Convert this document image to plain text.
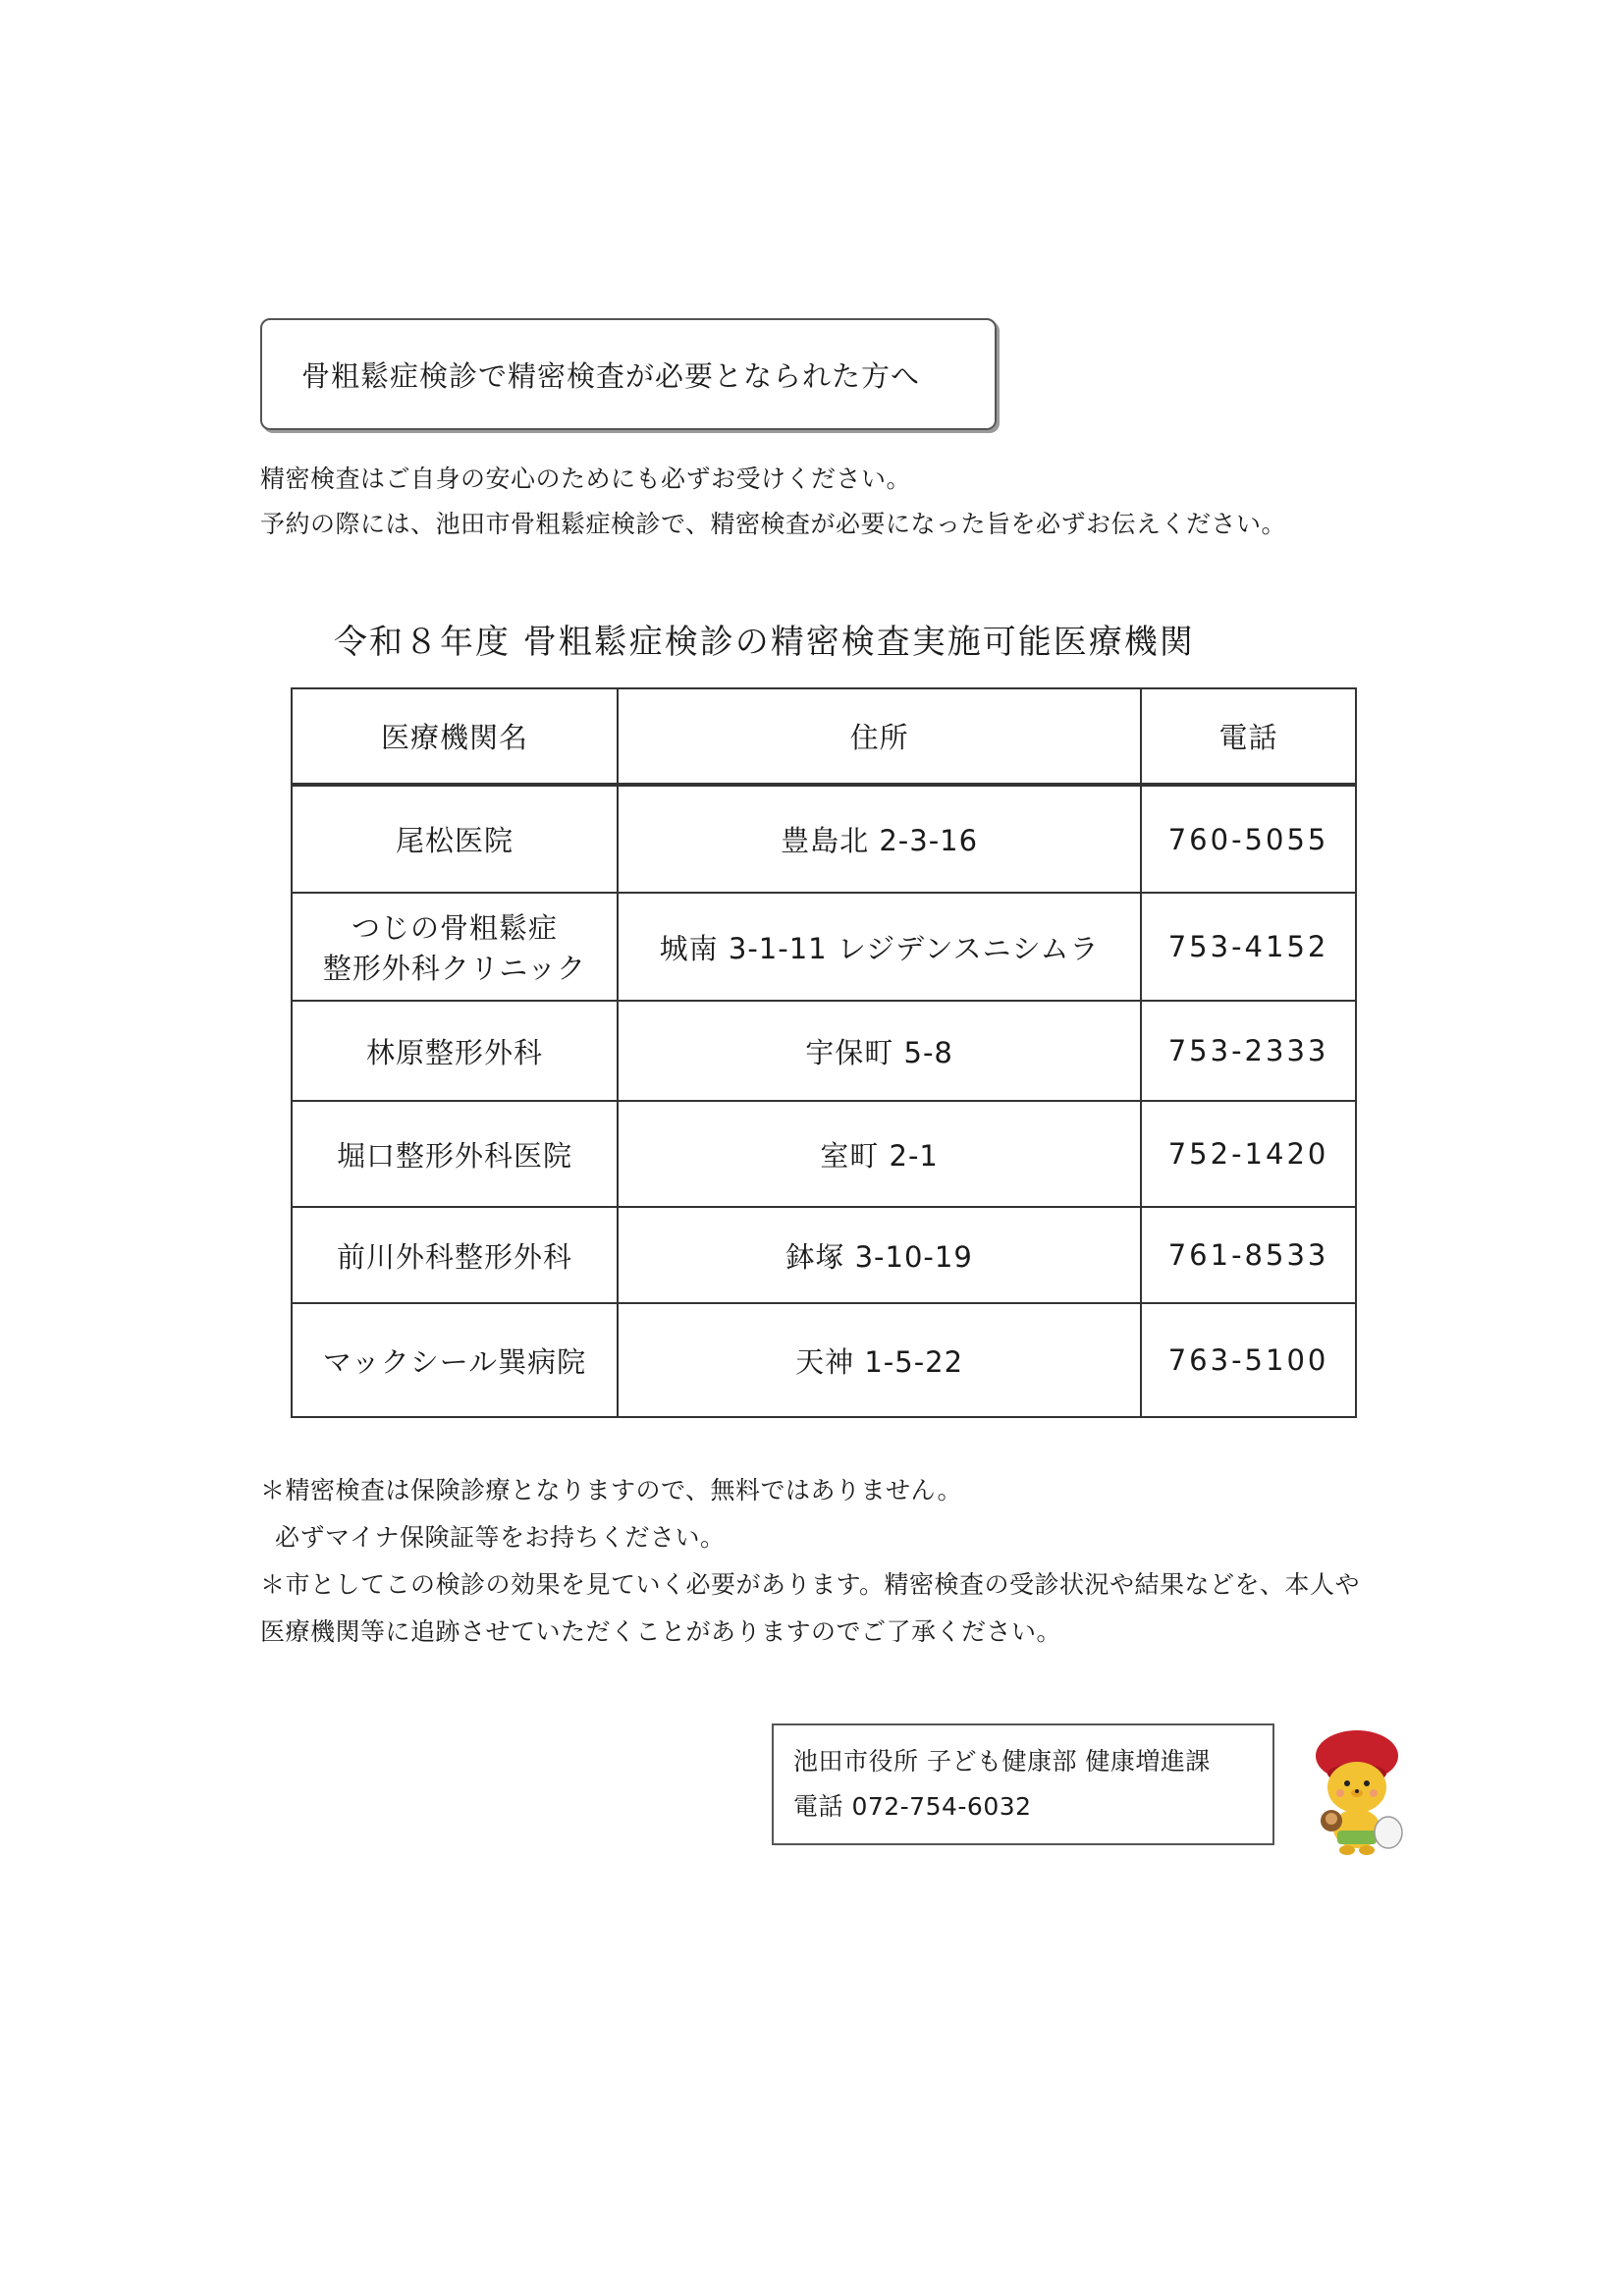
骨粗鬆症検診で精密検査が必要となられた方へ
精密検査はご自身の安心のためにも必ずお受けください。
予約の際には、池田市骨粗鬆症検診で、精密検査が必要になった旨を必ずお伝えください。
令和８年度 骨粗鬆症検診の精密検査実施可能医療機関
医療機関名	住所	電話
尾松医院	豊島北 2-3-16	760-5055

つじの骨粗鬆症
整形外科クリニック	城南 3-1-11 レジデンスニシムラ	753-4152
林原整形外科	宇保町 5-8	753-2333
堀口整形外科医院	室町 2-1	752-1420
前川外科整形外科	鉢塚 3-10-19	761-8533
マックシール巽病院	天神 1-5-22	763-5100
＊精密検査は保険診療となりますので、無料ではありません。
必ずマイナ保険証等をお持ちください。
＊市としてこの検診の効果を見ていく必要があります。精密検査の受診状況や結果などを、本人や
医療機関等に追跡させていただくことがありますのでご了承ください。
池田市役所 子ども健康部 健康増進課
電話 072-754-6032
